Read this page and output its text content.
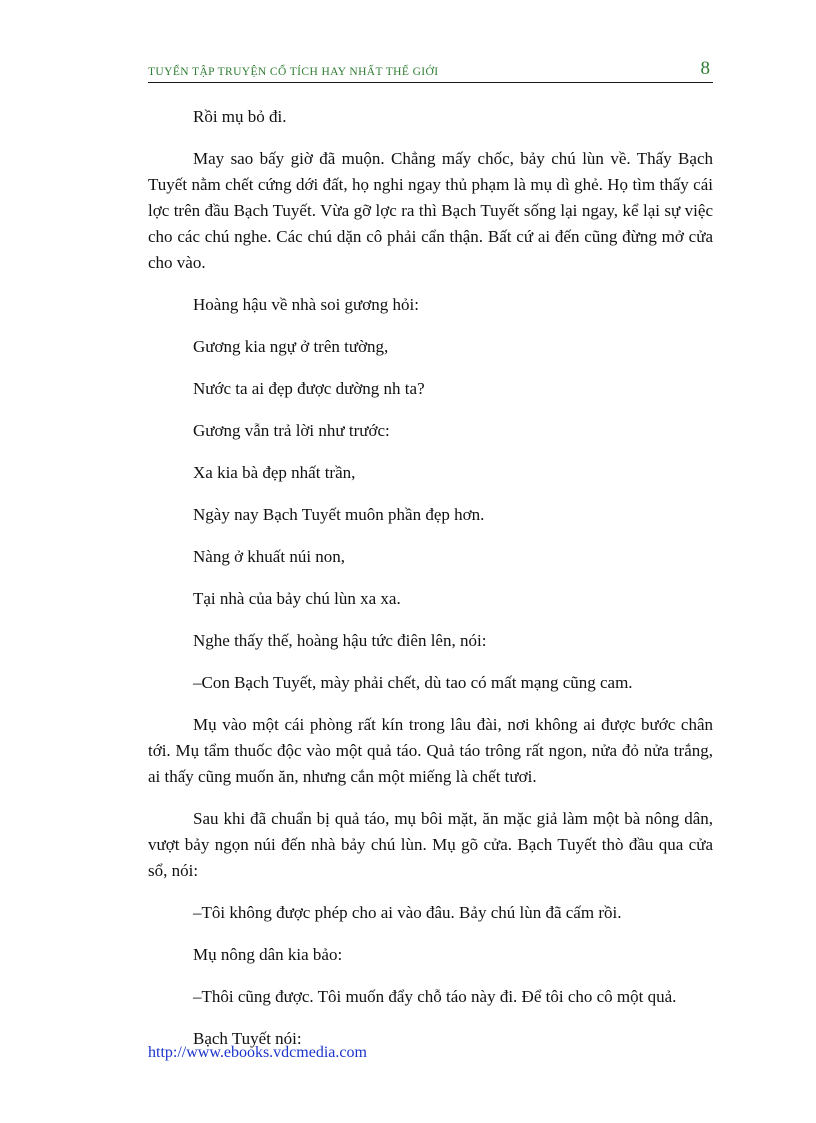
TUYỂN TẬP TRUYỆN CỔ TÍCH HAY NHẤT THẾ GIỚI	8

Rồi mụ bỏ đi.

May sao bấy giờ đã muộn. Chẳng mấy chốc, bảy chú lùn về. Thấy Bạch Tuyết nằm chết cứng dới đất, họ nghi ngay thủ phạm là mụ dì ghẻ. Họ tìm thấy cái lợc trên đầu Bạch Tuyết. Vừa gỡ lợc ra thì Bạch Tuyết sống lại ngay, kể lại sự việc cho các chú nghe. Các chú dặn cô phải cẩn thận. Bất cứ ai đến cũng đừng mở cửa cho vào.

Hoàng hậu về nhà soi gương hỏi:

Gương kia ngự ở trên tường,

Nước ta ai đẹp được dường nh ta?

Gương vẫn trả lời như trước:

Xa kia bà đẹp nhất trần,

Ngày nay Bạch Tuyết muôn phần đẹp hơn.

Nàng ở khuất núi non,

Tại nhà của bảy chú lùn xa xa.

Nghe thấy thế, hoàng hậu tức điên lên, nói:

–Con Bạch Tuyết, mày phải chết, dù tao có mất mạng cũng cam.

Mụ vào một cái phòng rất kín trong lâu đài, nơi không ai được bước chân tới. Mụ tẩm thuốc độc vào một quả táo. Quả táo trông rất ngon, nửa đỏ nửa trắng, ai thấy cũng muốn ăn, nhưng cắn một miếng là chết tươi.

Sau khi đã chuẩn bị quả táo, mụ bôi mặt, ăn mặc giả làm một bà nông dân, vượt bảy ngọn núi đến nhà bảy chú lùn. Mụ gõ cửa. Bạch Tuyết thò đầu qua cửa sổ, nói:

–Tôi không được phép cho ai vào đâu. Bảy chú lùn đã cấm rồi.

Mụ nông dân kia bảo:

–Thôi cũng được. Tôi muốn đẩy chỗ táo này đi. Để tôi cho cô một quả.

Bạch Tuyết nói:

http://www.ebooks.vdcmedia.com
